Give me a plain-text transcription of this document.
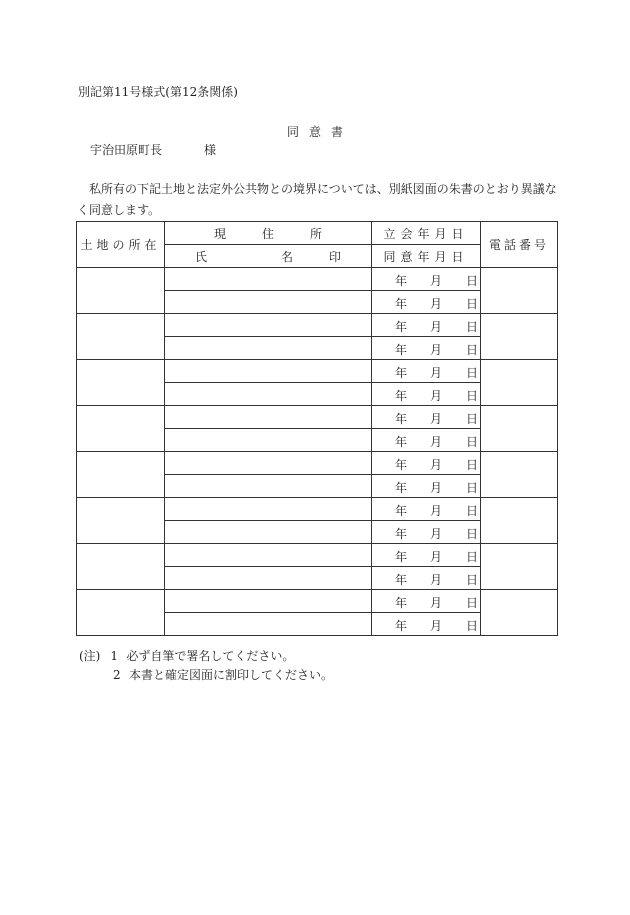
別記第11号様式(第12条関係)
同 意 書
宇治田原町長	様
私所有の下記土地と法定外公共物との境界については、別紙図面の朱書のとおり異議なく同意します。
土地の所在	現 住 所	立会年月日	電話番号
	氏 名 印	同意年月日	

		年 月 日	

		年 月 日	

		年 月 日	

		年 月 日	

		年 月 日	

		年 月 日	

		年 月 日	

		年 月 日	

		年 月 日	

		年 月 日	

		年 月 日	

		年 月 日	

		年 月 日	

		年 月 日	

		年 月 日	

		年 月 日	
(注) 1 必ず自筆で署名してください。
2 本書と確定図面に割印してください。
